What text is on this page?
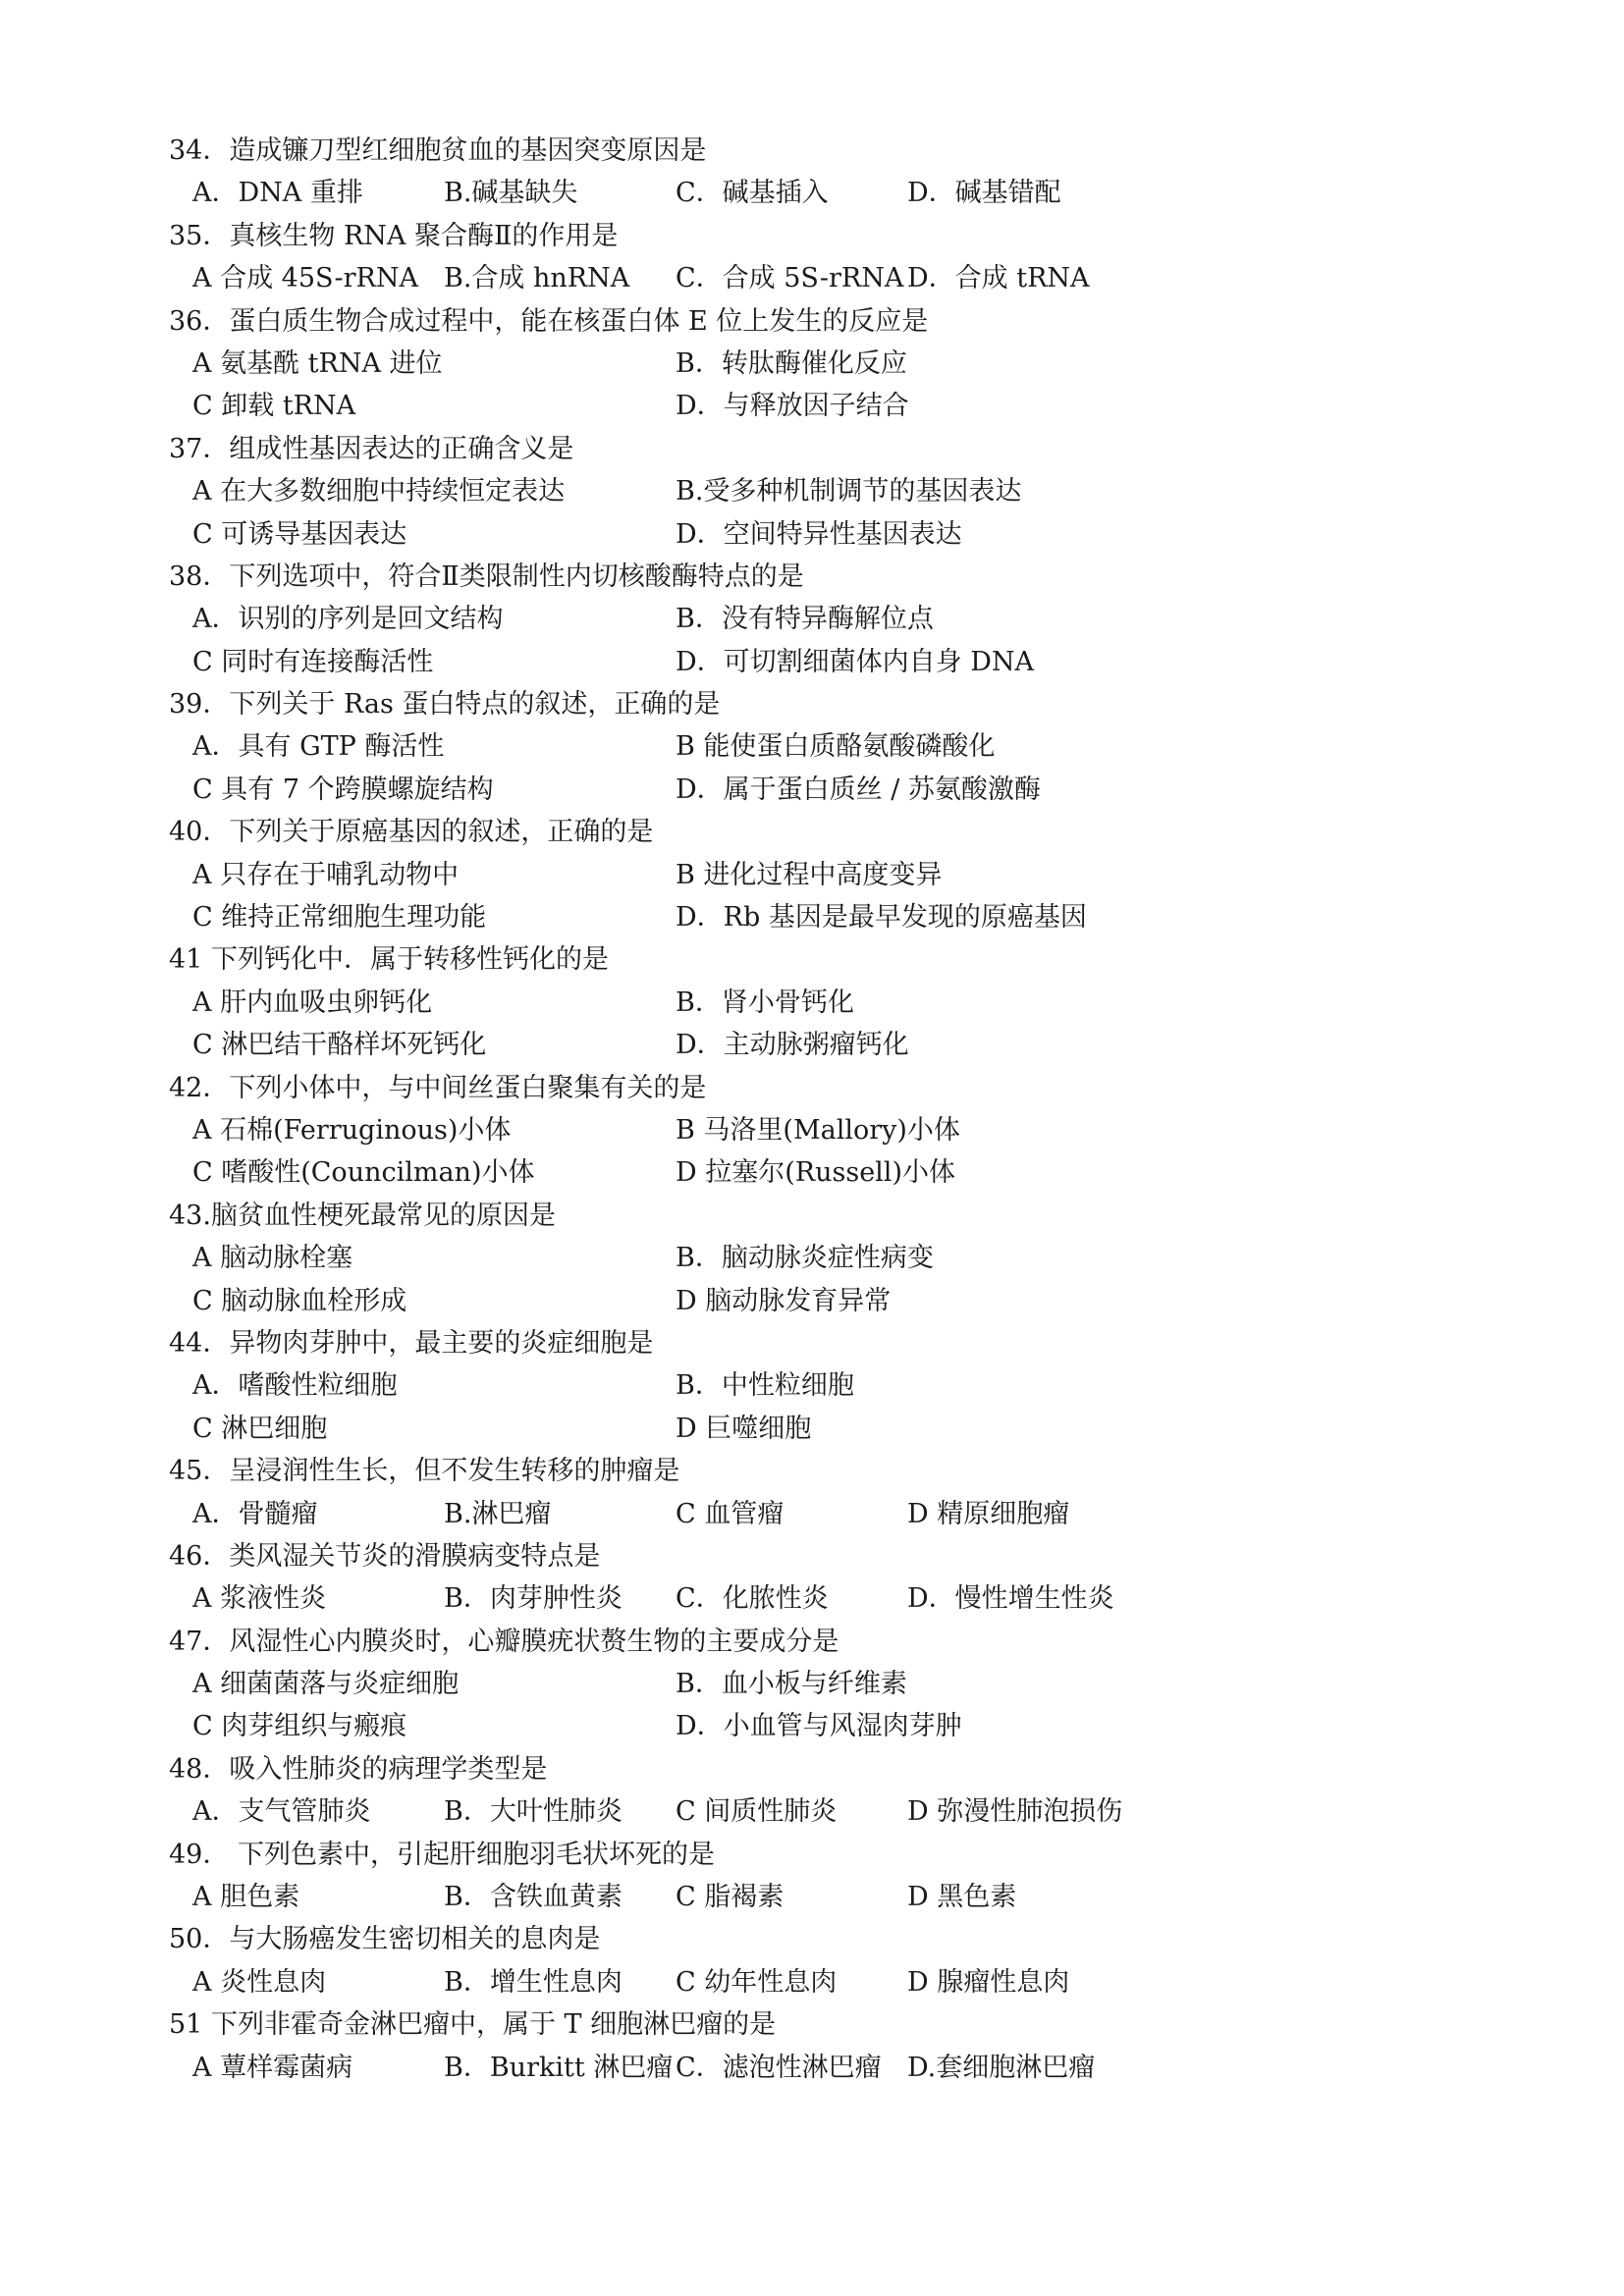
34．造成镰刀型红细胞贫血的基因突变原因是
A．DNA 重排	B.碱基缺失	C．碱基插入	D．碱基错配
35．真核生物 RNA 聚合酶Ⅱ的作用是
A 合成 45S-rRNA B.合成 hnRNA C．合成 5S-rRNA D．合成 tRNA
36．蛋白质生物合成过程中，能在核蛋白体 E 位上发生的反应是
A 氨基酰 tRNA 进位	B．转肽酶催化反应
C 卸载 tRNA	D．与释放因子结合
37．组成性基因表达的正确含义是
A 在大多数细胞中持续恒定表达	B.受多种机制调节的基因表达
C 可诱导基因表达	D．空间特异性基因表达
38．下列选项中，符合Ⅱ类限制性内切核酸酶特点的是
A．识别的序列是回文结构	B．没有特异酶解位点
C 同时有连接酶活性	D．可切割细菌体内自身 DNA
39．下列关于 Ras 蛋白特点的叙述，正确的是
A．具有 GTP 酶活性	B 能使蛋白质酪氨酸磷酸化
C 具有 7 个跨膜螺旋结构	D．属于蛋白质丝 / 苏氨酸激酶
40．下列关于原癌基因的叙述，正确的是
A 只存在于哺乳动物中	B 进化过程中高度变异
C 维持正常细胞生理功能	D．Rb 基因是最早发现的原癌基因
41 下列钙化中．属于转移性钙化的是
A 肝内血吸虫卵钙化	B．肾小骨钙化
C 淋巴结干酪样坏死钙化	D．主动脉粥瘤钙化
42．下列小体中，与中间丝蛋白聚集有关的是
A 石棉(Ferruginous)小体	B 马洛里(Mallory)小体
C 嗜酸性(Councilman)小体	D 拉塞尔(Russell)小体
43.脑贫血性梗死最常见的原因是
A 脑动脉栓塞	B．脑动脉炎症性病变
C 脑动脉血栓形成	D 脑动脉发育异常
44．异物肉芽肿中，最主要的炎症细胞是
A．嗜酸性粒细胞	B．中性粒细胞
C 淋巴细胞	D 巨噬细胞
45．呈浸润性生长，但不发生转移的肿瘤是
A．骨髓瘤	B.淋巴瘤	C 血管瘤	D 精原细胞瘤
46．类风湿关节炎的滑膜病变特点是
A 浆液性炎	B．肉芽肿性炎 C．化脓性炎	D．慢性增生性炎
47．风湿性心内膜炎时，心瓣膜疣状赘生物的主要成分是
A 细菌菌落与炎症细胞	B．血小板与纤维素
C 肉芽组织与瘢痕	D．小血管与风湿肉芽肿
48．吸入性肺炎的病理学类型是
A．支气管肺炎	B．大叶性肺炎 C 间质性肺炎	D 弥漫性肺泡损伤
49． 下列色素中，引起肝细胞羽毛状坏死的是
A 胆色素	B．含铁血黄素 C 脂褐素	D 黑色素
50．与大肠癌发生密切相关的息肉是
A 炎性息肉	B．增生性息肉 C 幼年性息肉	D 腺瘤性息肉
51 下列非霍奇金淋巴瘤中，属于 T 细胞淋巴瘤的是
A 蕈样霉菌病	B．Burkitt 淋巴瘤 C．滤泡性淋巴瘤 D.套细胞淋巴瘤
